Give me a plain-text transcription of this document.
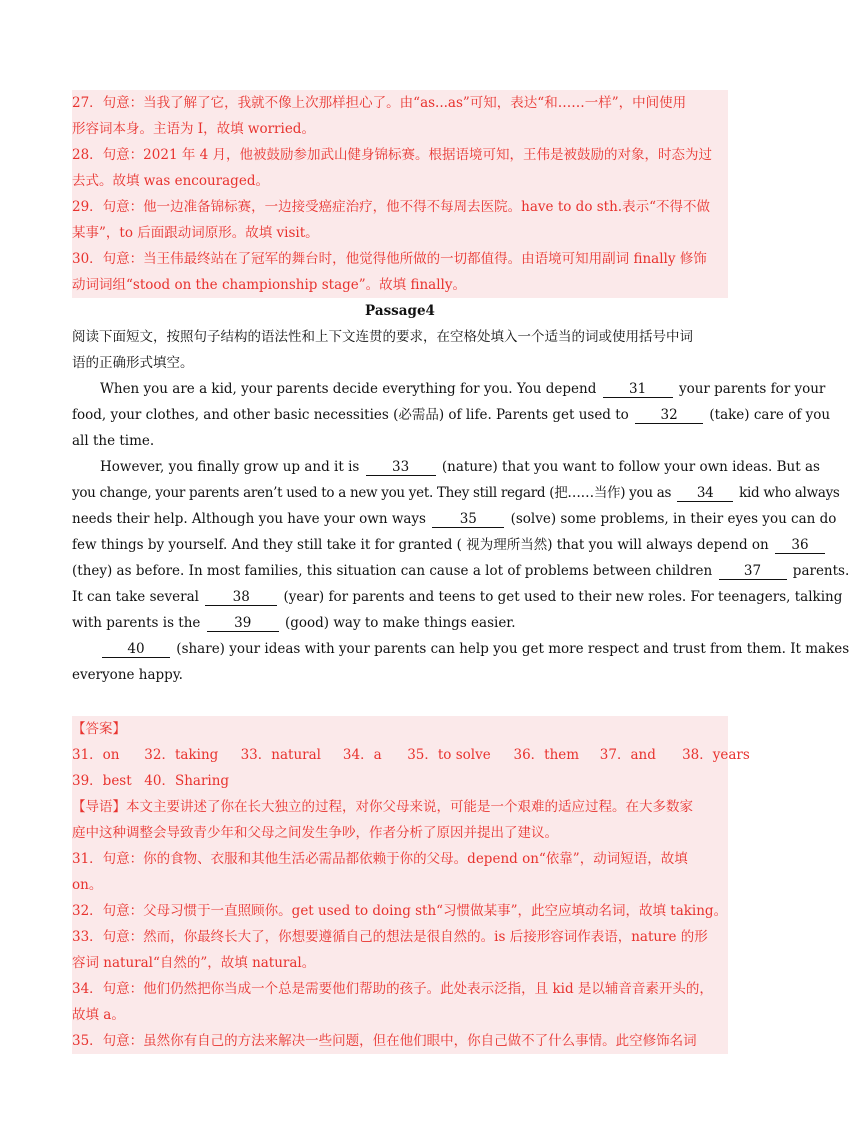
27．句意：当我了解了它，我就不像上次那样担心了。由“as...as”可知，表达“和……一样”，中间使用
形容词本身。主语为 I，故填 worried。
28．句意：2021 年 4 月，他被鼓励参加武山健身锦标赛。根据语境可知，王伟是被鼓励的对象，时态为过
去式。故填 was encouraged。
29．句意：他一边准备锦标赛，一边接受癌症治疗，他不得不每周去医院。have to do sth.表示“不得不做
某事”，to 后面跟动词原形。故填 visit。
30．句意：当王伟最终站在了冠军的舞台时，他觉得他所做的一切都值得。由语境可知用副词 finally 修饰
动词词组“stood on the championship stage”。故填 finally。
Passage4
阅读下面短文，按照句子结构的语法性和上下文连贯的要求，在空格处填入一个适当的词或使用括号中词
语的正确形式填空。
When you are a kid, your parents decide everything for you. You depend 31 your parents for your
food, your clothes, and other basic necessities (必需品) of life. Parents get used to 32 (take) care of you
all the time.
However, you finally grow up and it is 33 (nature) that you want to follow your own ideas. But as
you change, your parents aren’t used to a new you yet. They still regard (把……当作) you as 34 kid who always
needs their help. Although you have your own ways 35 (solve) some problems, in their eyes you can do
few things by yourself. And they still take it for granted ( 视为理所当然) that you will always depend on 36
(they) as before. In most families, this situation can cause a lot of problems between children 37 parents.
It can take several 38 (year) for parents and teens to get used to their new roles. For teenagers, talking
with parents is the 39 (good) way to make things easier.
40 (share) your ideas with your parents can help you get more respect and trust from them. It makes
everyone happy.
【答案】
31．on 32．taking 33．natural 34．a 35．to solve 36．them 37．and 38．years
39．best 40．Sharing
【导语】本文主要讲述了你在长大独立的过程，对你父母来说，可能是一个艰难的适应过程。在大多数家
庭中这种调整会导致青少年和父母之间发生争吵，作者分析了原因并提出了建议。
31．句意：你的食物、衣服和其他生活必需品都依赖于你的父母。depend on“依靠”，动词短语，故填
on。
32．句意：父母习惯于一直照顾你。get used to doing sth“习惯做某事”，此空应填动名词，故填 taking。
33．句意：然而，你最终长大了，你想要遵循自己的想法是很自然的。is 后接形容词作表语，nature 的形
容词 natural“自然的”，故填 natural。
34．句意：他们仍然把你当成一个总是需要他们帮助的孩子。此处表示泛指，且 kid 是以辅音音素开头的，
故填 a。
35．句意：虽然你有自己的方法来解决一些问题，但在他们眼中，你自己做不了什么事情。此空修饰名词
